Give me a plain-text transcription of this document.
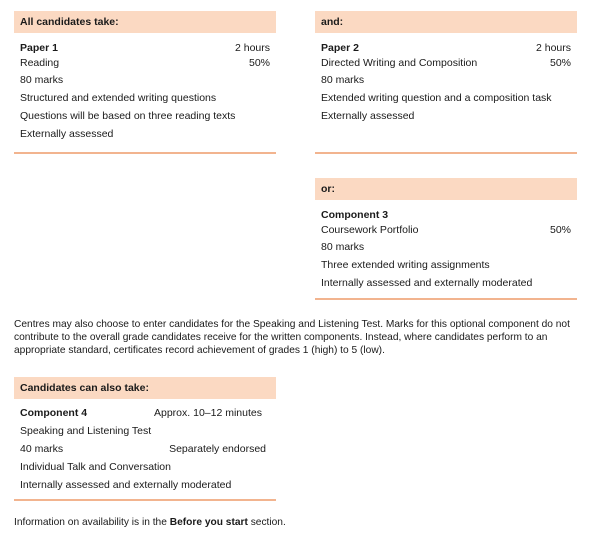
All candidates take:
Paper 1	2 hours
Reading	50%
80 marks
Structured and extended writing questions
Questions will be based on three reading texts
Externally assessed
and:
Paper 2	2 hours
Directed Writing and Composition	50%
80 marks
Extended writing question and a composition task
Externally assessed
or:
Component 3
Coursework Portfolio	50%
80 marks
Three extended writing assignments
Internally assessed and externally moderated

Centres may also choose to enter candidates for the Speaking and Listening Test. Marks for this optional component do not contribute to the overall grade candidates receive for the written components. Instead, where candidates perform to an appropriate standard, certificates record achievement of grades 1 (high) to 5 (low).

Candidates can also take:
Component 4	Approx. 10–12 minutes
Speaking and Listening Test
40 marks	Separately endorsed
Individual Talk and Conversation
Internally assessed and externally moderated

Information on availability is in the Before you start section.
